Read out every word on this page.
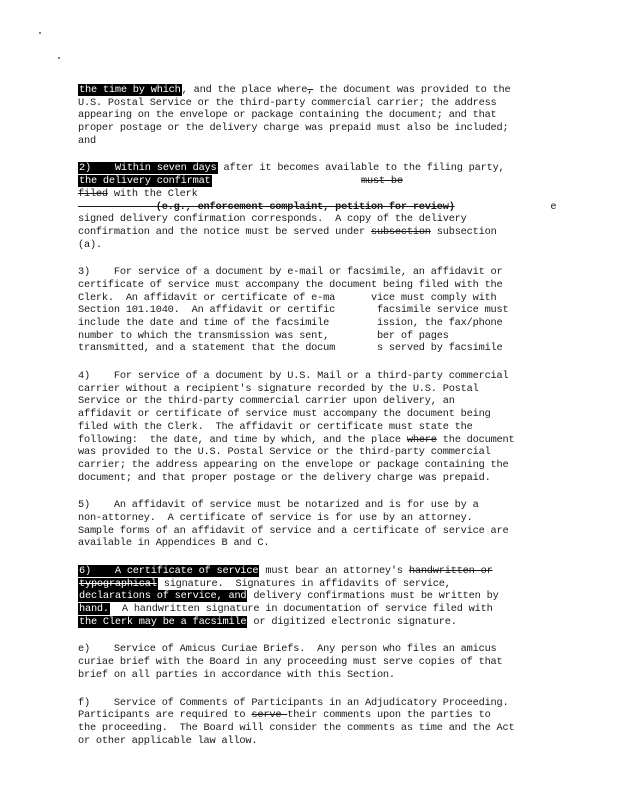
the time by which, and the place where, the document was provided to the
U.S. Postal Service or the third-party commercial carrier; the address
appearing on the envelope or package containing the document; and that
proper postage or the delivery charge was prepaid must also be included;
and
2)    Within seven days after it becomes available to the filing party,
the delivery confirmat	must be
filed with the Clerk
(e.g., enforcement complaint, petition for review)                e
signed delivery confirmation corresponds.  A copy of the delivery
confirmation and the notice must be served under subsection subsection
(a).
3)    For service of a document by e-mail or facsimile, an affidavit or
certificate of service must accompany the document being filed with the
Clerk.  An affidavit or certificate of e-ma      vice must comply with
Section 101.1040.  An affidavit or certific       facsimile service must
include the date and time of the facsimile        ission, the fax/phone
number to which the transmission was sent,        ber of pages
transmitted, and a statement that the docum       s served by facsimile
4)    For service of a document by U.S. Mail or a third-party commercial
carrier without a recipient's signature recorded by the U.S. Postal
Service or the third-party commercial carrier upon delivery, an
affidavit or certificate of service must accompany the document being
filed with the Clerk.  The affidavit or certificate must state the
following:  the date, and time by which, and the place where the document
was provided to the U.S. Postal Service or the third-party commercial
carrier; the address appearing on the envelope or package containing the
document; and that proper postage or the delivery charge was prepaid.
5)    An affidavit of service must be notarized and is for use by a
non-attorney.  A certificate of service is for use by an attorney.
Sample forms of an affidavit of service and a certificate of service are
available in Appendices B and C.
6)    A certificate of service must bear an attorney's handwritten or
typographical signature.  Signatures in affidavits of service,
declarations of service, and delivery confirmations must be written by
hand.  A handwritten signature in documentation of service filed with
the Clerk may be a facsimile or digitized electronic signature.
e)    Service of Amicus Curiae Briefs.  Any person who files an amicus
curiae brief with the Board in any proceeding must serve copies of that
brief on all parties in accordance with this Section.
f)    Service of Comments of Participants in an Adjudicatory Proceeding.
Participants are required to serve their comments upon the parties to
the proceeding.  The Board will consider the comments as time and the Act
or other applicable law allow.
